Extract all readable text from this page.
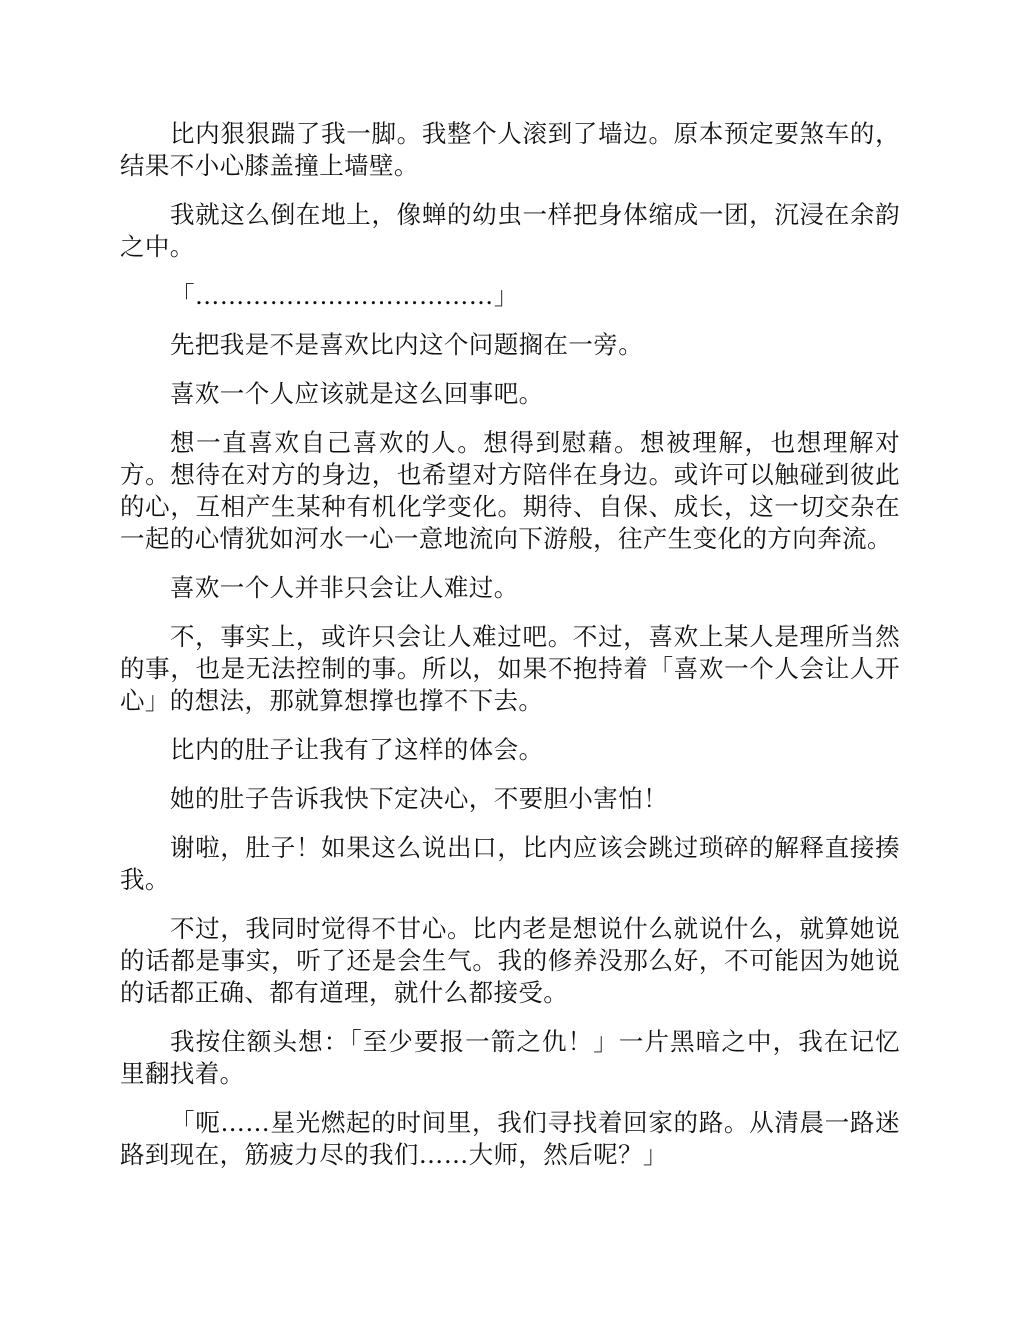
比内狠狠踹了我一脚。我整个人滚到了墙边。原本预定要煞车的，结果不小心膝盖撞上墙壁。

我就这么倒在地上，像蝉的幼虫一样把身体缩成一团，沉浸在余韵之中。

「………………………………」

先把我是不是喜欢比内这个问题搁在一旁。

喜欢一个人应该就是这么回事吧。

想一直喜欢自己喜欢的人。想得到慰藉。想被理解，也想理解对方。想待在对方的身边，也希望对方陪伴在身边。或许可以触碰到彼此的心，互相产生某种有机化学变化。期待、自保、成长，这一切交杂在一起的心情犹如河水一心一意地流向下游般，往产生变化的方向奔流。

喜欢一个人并非只会让人难过。

不，事实上，或许只会让人难过吧。不过，喜欢上某人是理所当然的事，也是无法控制的事。所以，如果不抱持着「喜欢一个人会让人开心」的想法，那就算想撑也撑不下去。

比内的肚子让我有了这样的体会。

她的肚子告诉我快下定决心，不要胆小害怕！

谢啦，肚子！如果这么说出口，比内应该会跳过琐碎的解释直接揍我。

不过，我同时觉得不甘心。比内老是想说什么就说什么，就算她说的话都是事实，听了还是会生气。我的修养没那么好，不可能因为她说的话都正确、都有道理，就什么都接受。

我按住额头想：「至少要报一箭之仇！」一片黑暗之中，我在记忆里翻找着。

「呃……星光燃起的时间里，我们寻找着回家的路。从清晨一路迷路到现在，筋疲力尽的我们……大师，然后呢？」
